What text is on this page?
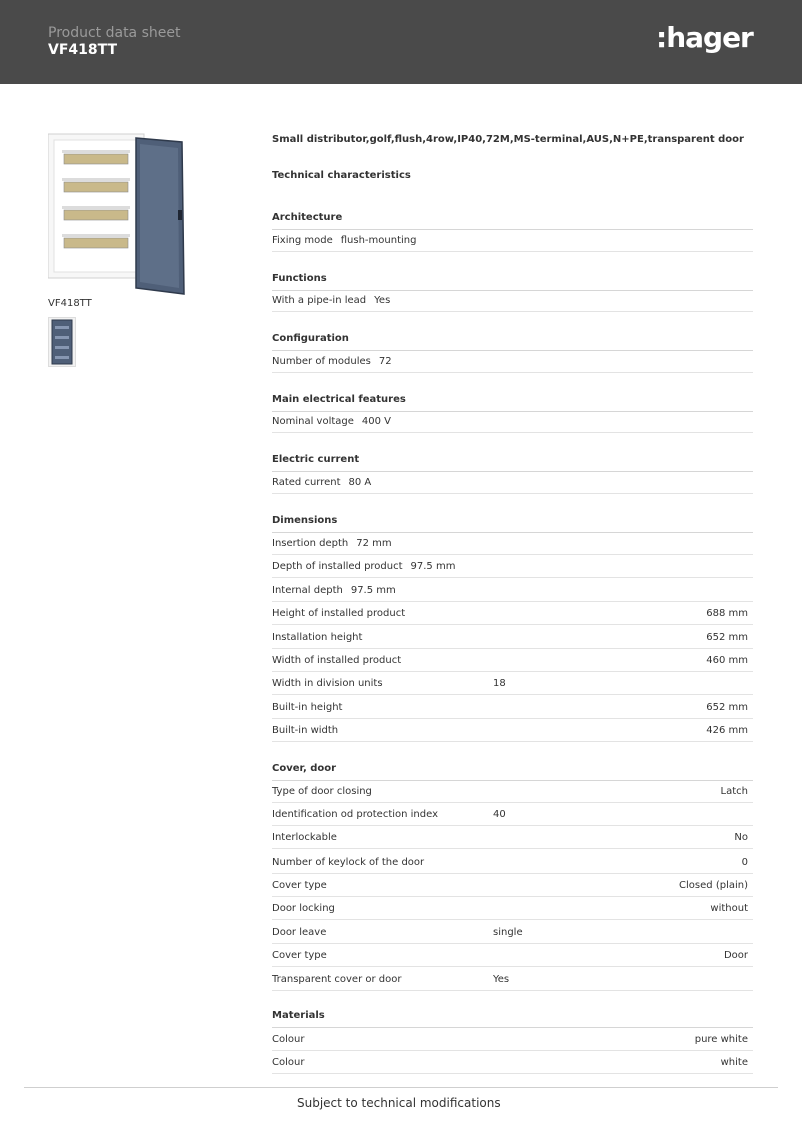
Product data sheet
VF418TT	:hager
VF418TT
Small distributor,golf,flush,4row,IP40,72M,MS-terminal,AUS,N+PE,transparent door
Technical characteristics
Architecture
Fixing mode flush-mounting
Functions
With a pipe-in lead Yes
Configuration
Number of modules 72
Main electrical features
Nominal voltage 400 V
Electric current
Rated current 80 A
Dimensions
Insertion depth 72 mm
Depth of installed product 97.5 mm
Internal depth 97.5 mm
Height of installed product	688 mm
Installation height	652 mm
Width of installed product	460 mm
Width in division units	18
Built-in height	652 mm
Built-in width	426 mm
Cover, door
Type of door closing	Latch
Identification od protection index	40
Interlockable	No
Number of keylock of the door	0
Cover type	Closed (plain)
Door locking	without
Door leave	single
Cover type	Door
Transparent cover or door	Yes
Materials
Colour	pure white
Colour	white
Subject to technical modifications
